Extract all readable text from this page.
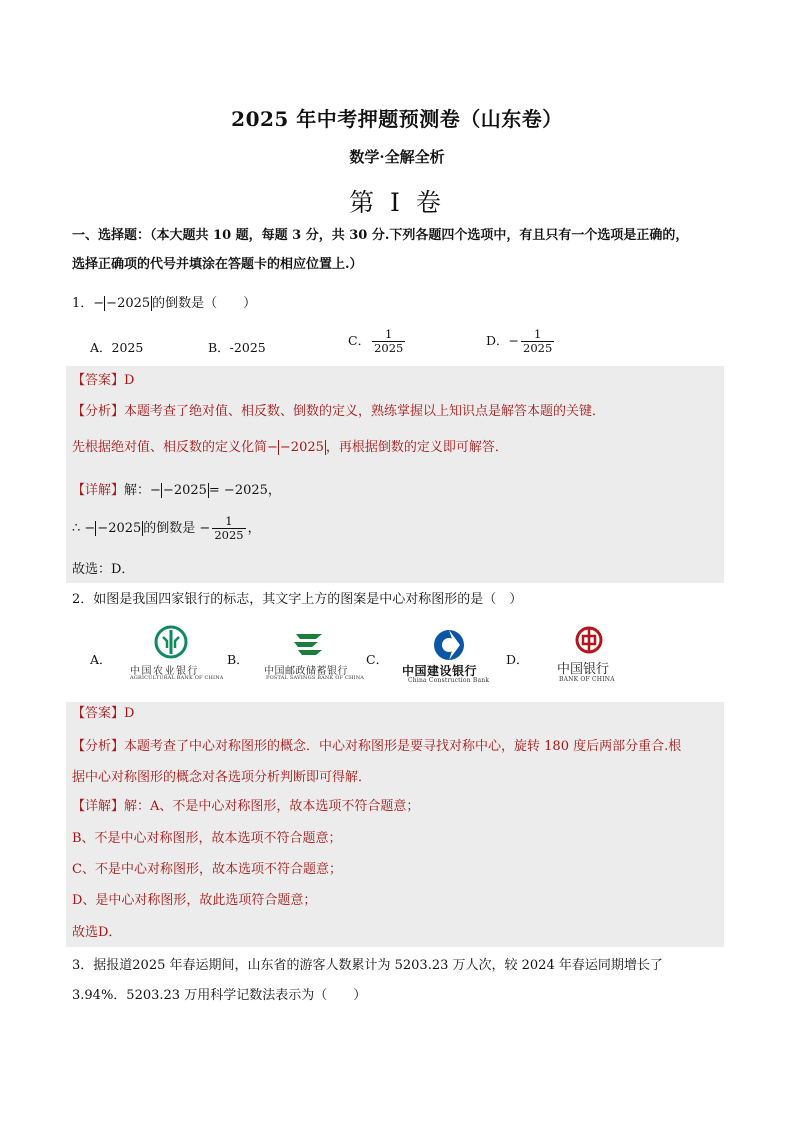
2025 年中考押题预测卷（山东卷）
数学·全解全析
第 I 卷
一、选择题：（本大题共 10 题，每题 3 分，共 30 分.下列各题四个选项中，有且只有一个选项是正确的，
选择正确项的代号并填涂在答题卡的相应位置上.）
1．− −2025 的倒数是（　　）
A．2025	B．-2025	C． $\frac{1}{2025}$	D．− $\frac{1}{2025}$
【答案】D
【分析】本题考查了绝对值、相反数、倒数的定义，熟练掌握以上知识点是解答本题的关键．
先根据绝对值、相反数的定义化简− −2025 ，再根据倒数的定义即可解答．
【详解】解：− −2025 = −2025，
∴ − −2025 的倒数是 − $\frac{1}{2025}$ ，
故选：D．
2．如图是我国四家银行的标志，其文字上方的图案是中心对称图形的是（　）
A．	B．	C．	D．
中国农业银行
AGRICULTURAL BANK OF CHINA
中国邮政储蓄银行
POSTAL SAVINGS BANK OF CHINA	中国建设银行
China Construction Bank
中国银行
BANK OF CHINA
【答案】D
【分析】本题考查了中心对称图形的概念．中心对称图形是要寻找对称中心，旋转 180 度后两部分重合.根
据中心对称图形的概念对各选项分析判断即可得解．
【详解】解：A、不是中心对称图形，故本选项不符合题意；
B、不是中心对称图形，故本选项不符合题意；
C、不是中心对称图形，故本选项不符合题意；
D、是中心对称图形，故此选项符合题意；
故选D．
3．据报道2025 年春运期间，山东省的游客人数累计为 5203.23 万人次，较 2024 年春运同期增长了
3.94%．5203.23 万用科学记数法表示为（　　）
